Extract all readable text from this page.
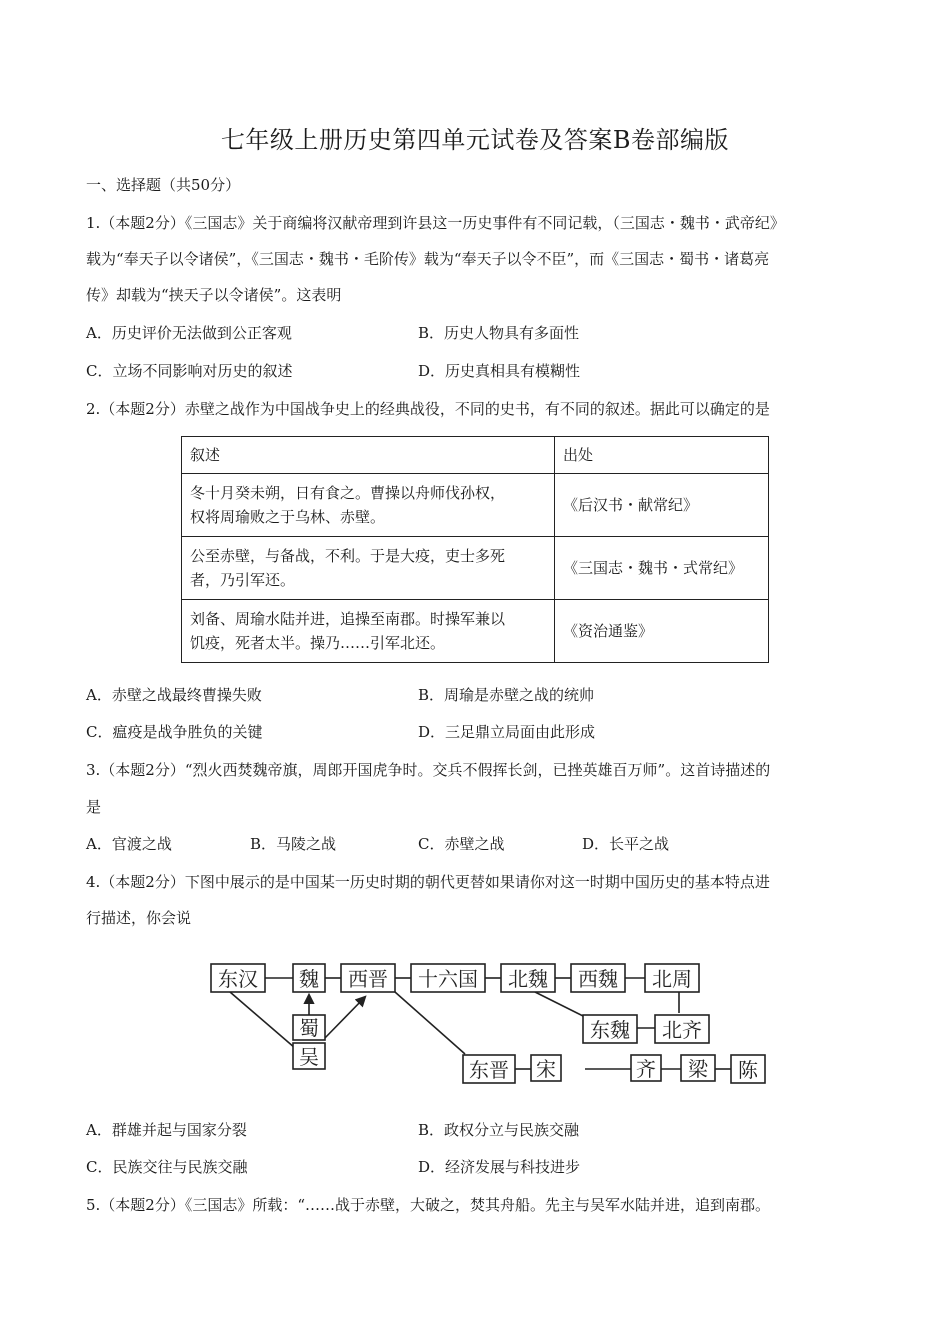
七年级上册历史第四单元试卷及答案B卷部编版
一、选择题（共50分）
1.（本题2分）《三国志》关于商编将汉献帝理到许县这一历史事件有不同记载，（三国志・魏书・武帝纪》
载为“奉天子以令诸侯”，《三国志・魏书・毛阶传》载为“奉天子以令不臣”，而《三国志・蜀书・诸葛亮
传》却载为“挟天子以令诸侯”。这表明
A．历史评价无法做到公正客观	B．历史人物具有多面性
C．立场不同影响对历史的叙述	D．历史真相具有模糊性
2.（本题2分）赤壁之战作为中国战争史上的经典战役，不同的史书，有不同的叙述。据此可以确定的是
叙述	出处

冬十月癸未朔，日有食之。曹操以舟师伐孙权，
权将周瑜败之于乌林、赤壁。	《后汉书・献常纪》

公至赤壁，与备战，不利。于是大疫，吏士多死
者，乃引军还。	《三国志・魏书・式常纪》

刘备、周瑜水陆并进，追操至南郡。时操军兼以
饥疫，死者太半。操乃……引军北还。	《资治通鉴》
A．赤壁之战最终曹操失败	B．周瑜是赤壁之战的统帅
C．瘟疫是战争胜负的关键	D．三足鼎立局面由此形成
3.（本题2分）“烈火西焚魏帝旗，周郎开国虎争时。交兵不假挥长剑，已挫英雄百万师”。这首诗描述的
是
A．官渡之战	B．马陵之战	C．赤壁之战	D．长平之战
4.（本题2分）下图中展示的是中国某一历史时期的朝代更替如果请你对这一时期中国历史的基本特点进
行描述，你会说
东汉 魏 西晋 十六国 北魏 西魏 北周
蜀
吴
东魏 北齐
东晋 宋	齐 梁 陈
A．群雄并起与国家分裂	B．政权分立与民族交融
C．民族交往与民族交融	D．经济发展与科技进步
5.（本题2分）《三国志》所载：“……战于赤壁，大破之，焚其舟船。先主与吴军水陆并进，追到南郡。
